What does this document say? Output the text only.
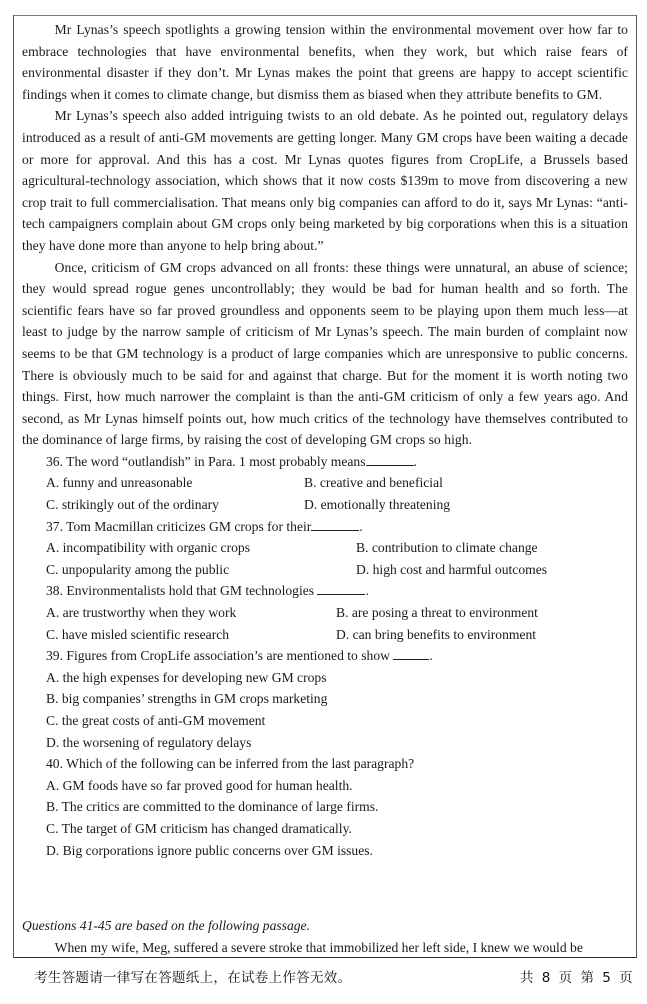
Mr Lynas’s speech spotlights a growing tension within the environmental movement over how far to embrace technologies that have environmental benefits, when they work, but which raise fears of environmental disaster if they don’t. Mr Lynas makes the point that greens are happy to accept scientific findings when it comes to climate change, but dismiss them as biased when they attribute benefits to GM.

Mr Lynas’s speech also added intriguing twists to an old debate. As he pointed out, regulatory delays introduced as a result of anti-GM movements are getting longer. Many GM crops have been waiting a decade or more for approval. And this has a cost. Mr Lynas quotes figures from CropLife, a Brussels based agricultural-technology association, which shows that it now costs $139m to move from discovering a new crop trait to full commercialisation. That means only big companies can afford to do it, says Mr Lynas: “anti-tech campaigners complain about GM crops only being marketed by big corporations when this is a situation they have done more than anyone to help bring about.”

Once, criticism of GM crops advanced on all fronts: these things were unnatural, an abuse of science; they would spread rogue genes uncontrollably; they would be bad for human health and so forth. The scientific fears have so far proved groundless and opponents seem to be playing upon them much less—at least to judge by the narrow sample of criticism of Mr Lynas’s speech. The main burden of complaint now seems to be that GM technology is a product of large companies which are unresponsive to public concerns. There is obviously much to be said for and against that charge. But for the moment it is worth noting two things. First, how much narrower the complaint is than the anti-GM criticism of only a few years ago. And second, as Mr Lynas himself points out, how much critics of the technology have themselves contributed to the dominance of large firms, by raising the cost of developing GM crops so high.

36. The word “outlandish” in Para. 1 most probably means	.

A. funny and unreasonable	B. creative and beneficial

C. strikingly out of the ordinary	D. emotionally threatening

37. Tom Macmillan criticizes GM crops for their	.

A. incompatibility with organic crops	B. contribution to climate change

C. unpopularity among the public	D. high cost and harmful outcomes

38. Environmentalists hold that GM technologies	.

A. are trustworthy when they work	B. are posing a threat to environment

C. have misled scientific research	D. can bring benefits to environment

39. Figures from CropLife association’s are mentioned to show	.

A. the high expenses for developing new GM crops

B. big companies’ strengths in GM crops marketing

C. the great costs of anti-GM movement

D. the worsening of regulatory delays

40. Which of the following can be inferred from the last paragraph?

A. GM foods have so far proved good for human health.

B. The critics are committed to the dominance of large firms.

C. The target of GM criticism has changed dramatically.

D. Big corporations ignore public concerns over GM issues.

Questions 41-45 are based on the following passage.

When my wife, Meg, suffered a severe stroke that immobilized her left side, I knew we would be

考生答题请一律写在答题纸上，在试卷上作答无效。	共 8 页 第 5 页
